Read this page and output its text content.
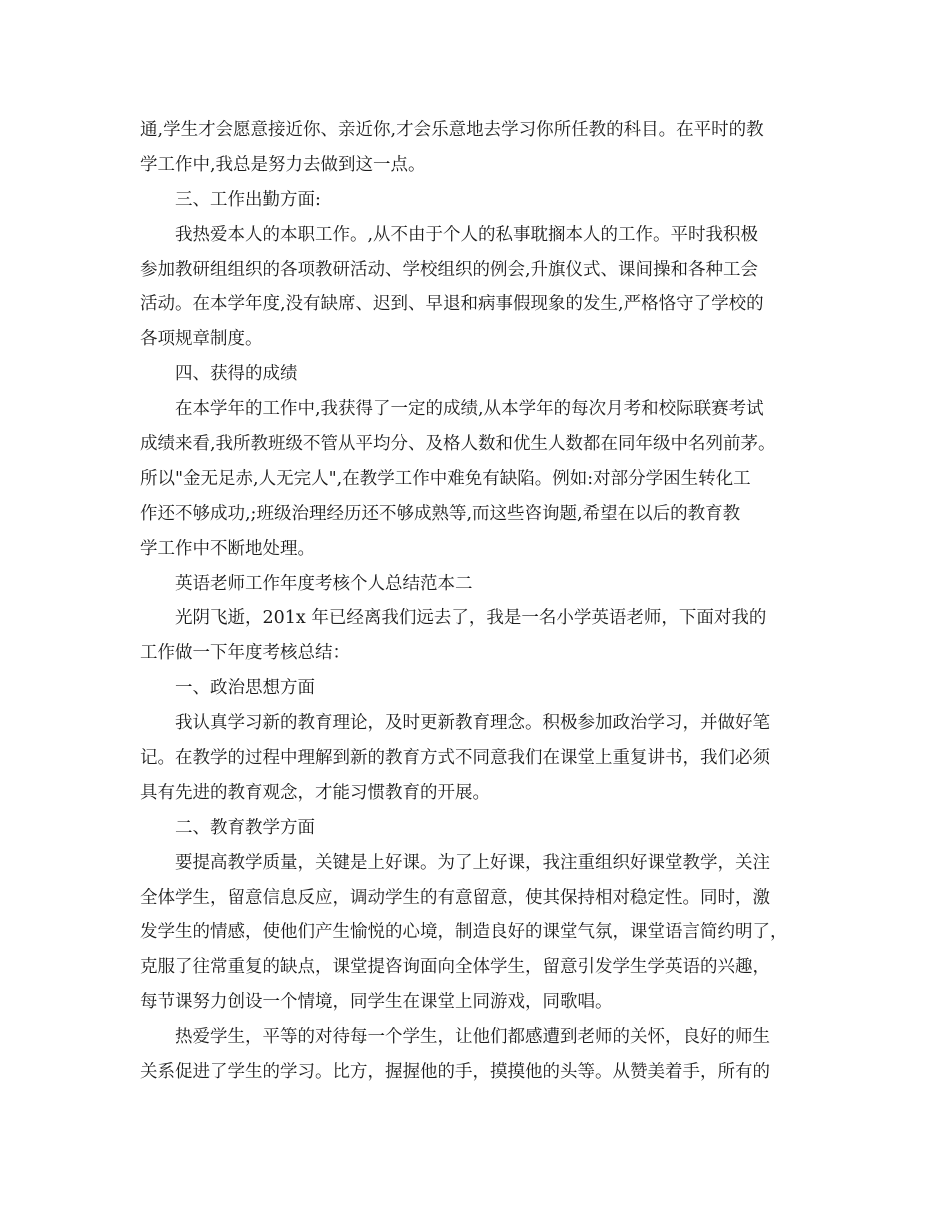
通,学生才会愿意接近你、亲近你,才会乐意地去学习你所任教的科目。在平时的教
学工作中,我总是努力去做到这一点。
三、工作出勤方面:
我热爱本人的本职工作。,从不由于个人的私事耽搁本人的工作。平时我积极
参加教研组组织的各项教研活动、学校组织的例会,升旗仪式、课间操和各种工会
活动。在本学年度,没有缺席、迟到、早退和病事假现象的发生,严格恪守了学校的
各项规章制度。
四、获得的成绩
在本学年的工作中,我获得了一定的成绩,从本学年的每次月考和校际联赛考试
成绩来看,我所教班级不管从平均分、及格人数和优生人数都在同年级中名列前茅。
所以"金无足赤,人无完人",在教学工作中难免有缺陷。例如:对部分学困生转化工
作还不够成功,;班级治理经历还不够成熟等,而这些咨询题,希望在以后的教育教
学工作中不断地处理。
英语老师工作年度考核个人总结范本二
光阴飞逝，201x 年已经离我们远去了，我是一名小学英语老师，下面对我的
工作做一下年度考核总结：
一、政治思想方面
我认真学习新的教育理论，及时更新教育理念。积极参加政治学习，并做好笔
记。在教学的过程中理解到新的教育方式不同意我们在课堂上重复讲书，我们必须
具有先进的教育观念，才能习惯教育的开展。
二、教育教学方面
要提高教学质量，关键是上好课。为了上好课，我注重组织好课堂教学，关注
全体学生，留意信息反应，调动学生的有意留意，使其保持相对稳定性。同时，激
发学生的情感，使他们产生愉悦的心境，制造良好的课堂气氛，课堂语言简约明了，
克服了往常重复的缺点，课堂提咨询面向全体学生，留意引发学生学英语的兴趣，
每节课努力创设一个情境，同学生在课堂上同游戏，同歌唱。
热爱学生，平等的对待每一个学生，让他们都感遭到老师的关怀，良好的师生
关系促进了学生的学习。比方，握握他的手，摸摸他的头等。从赞美着手，所有的
